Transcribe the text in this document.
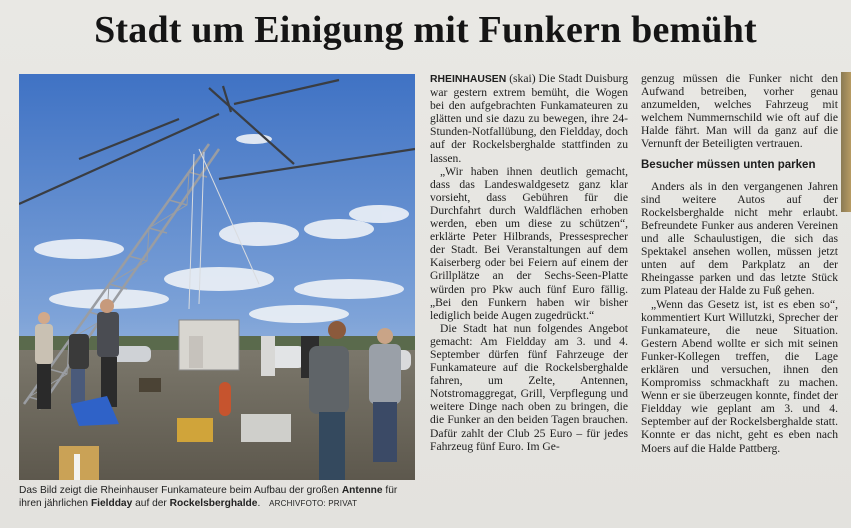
Stadt um Einigung mit Funkern bemüht
Das Bild zeigt die Rheinhauser Funkamateure beim Aufbau der großen Antenne für ihren jährlichen Fieldday auf der Rockelsberghalde. ARCHIVFOTO: PRIVAT

RHEINHAUSEN (skai) Die Stadt Duisburg war gestern extrem bemüht, die Wogen bei den aufgebrachten Funkamateuren zu glätten und sie dazu zu bewegen, ihre 24-Stunden-Notfallübung, den Fieldday, doch auf der Rockelsberghalde stattfinden zu lassen.

„Wir haben ihnen deutlich gemacht, dass das Landeswaldgesetz ganz klar vorsieht, dass Gebühren für die Durchfahrt durch Waldflächen erhoben werden, eben um diese zu schützen“, erklärte Peter Hilbrands, Pressesprecher der Stadt. Bei Veranstaltungen auf dem Kaiserberg oder bei Feiern auf einem der Grillplätze an der Sechs-Seen-Platte würden pro Pkw auch fünf Euro fällig. „Bei den Funkern haben wir bisher lediglich beide Augen zugedrückt.“

Die Stadt hat nun folgendes Angebot gemacht: Am Fieldday am 3. und 4. September dürfen fünf Fahrzeuge der Funkamateure auf die Rockelsberghalde fahren, um Zelte, Antennen, Notstromaggregat, Grill, Verpflegung und weitere Dinge nach oben zu bringen, die die Funker an den beiden Tagen brauchen. Dafür zahlt der Club 25 Euro – für jedes Fahrzeug fünf Euro. Im Ge-

genzug müssen die Funker nicht den Aufwand betreiben, vorher genau anzumelden, welches Fahrzeug mit welchem Nummernschild wie oft auf die Halde fährt. Man will da ganz auf die Vernunft der Beteiligten vertrauen.

Besucher müssen unten parken

Anders als in den vergangenen Jahren sind weitere Autos auf der Rockelsberghalde nicht mehr erlaubt. Befreundete Funker aus anderen Vereinen und alle Schaulustigen, die sich das Spektakel ansehen wollen, müssen jetzt unten auf dem Parkplatz an der Rheingasse parken und das letzte Stück zum Plateau der Halde zu Fuß gehen.

„Wenn das Gesetz ist, ist es eben so“, kommentiert Kurt Willutzki, Sprecher der Funkamateure, die neue Situation. Gestern Abend wollte er sich mit seinen Funker-Kollegen treffen, die Lage erklären und versuchen, ihnen den Kompromiss schmackhaft zu machen. Wenn er sie überzeugen konnte, findet der Fieldday wie geplant am 3. und 4. September auf der Rockelsberghalde statt. Konnte er das nicht, geht es eben nach Moers auf die Halde Pattberg.
